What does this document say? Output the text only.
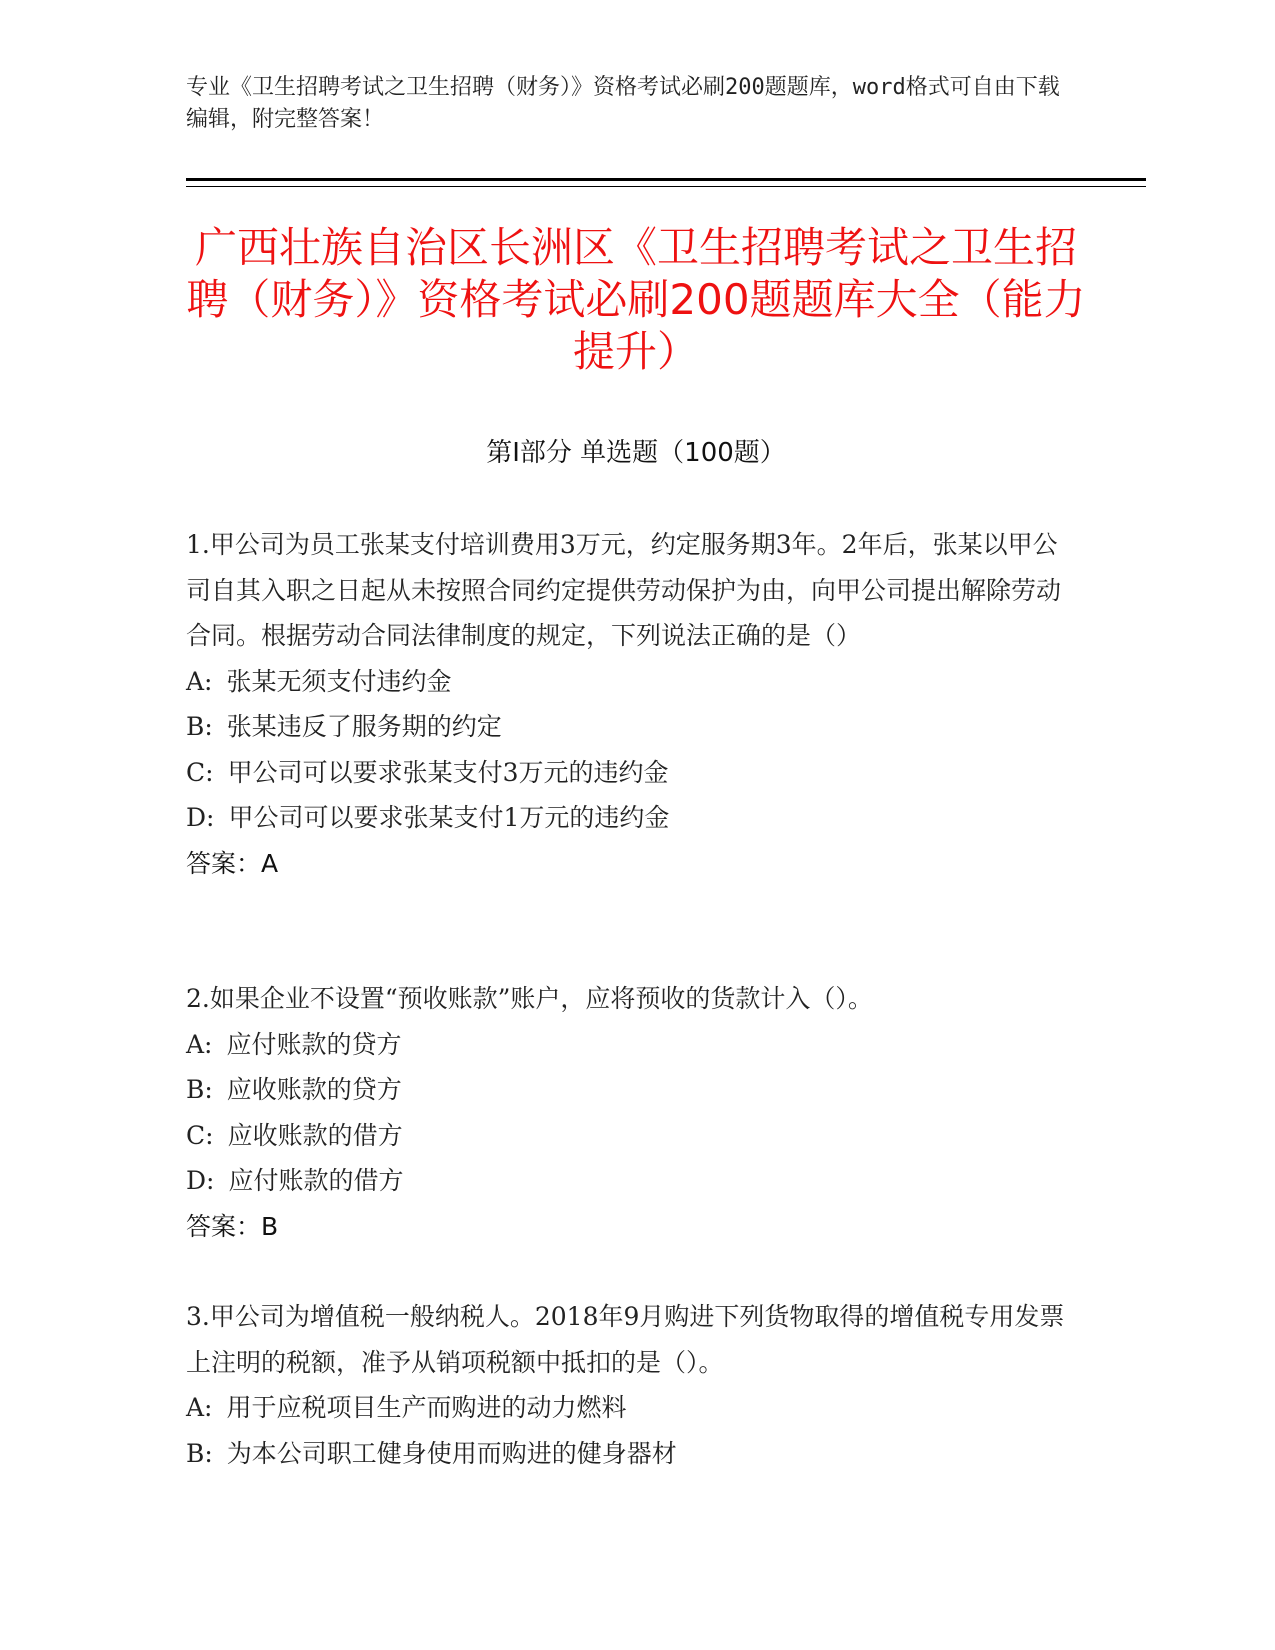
专业《卫生招聘考试之卫生招聘（财务）》资格考试必刷200题题库，word格式可自由下载编辑，附完整答案！
广西壮族自治区长洲区《卫生招聘考试之卫生招聘（财务）》资格考试必刷200题题库大全（能力提升）
第I部分 单选题（100题）

1.甲公司为员工张某支付培训费用3万元，约定服务期3年。2年后，张某以甲公司自其入职之日起从未按照合同约定提供劳动保护为由，向甲公司提出解除劳动合同。根据劳动合同法律制度的规定，下列说法正确的是（）

A: 张某无须支付违约金

B: 张某违反了服务期的约定

C: 甲公司可以要求张某支付3万元的违约金

D: 甲公司可以要求张某支付1万元的违约金

答案：A

2.如果企业不设置“预收账款”账户，应将预收的货款计入（）。

A: 应付账款的贷方

B: 应收账款的贷方

C: 应收账款的借方

D: 应付账款的借方

答案：B

3.甲公司为增值税一般纳税人。2018年9月购进下列货物取得的增值税专用发票上注明的税额，准予从销项税额中抵扣的是（）。

A: 用于应税项目生产而购进的动力燃料

B: 为本公司职工健身使用而购进的健身器材
